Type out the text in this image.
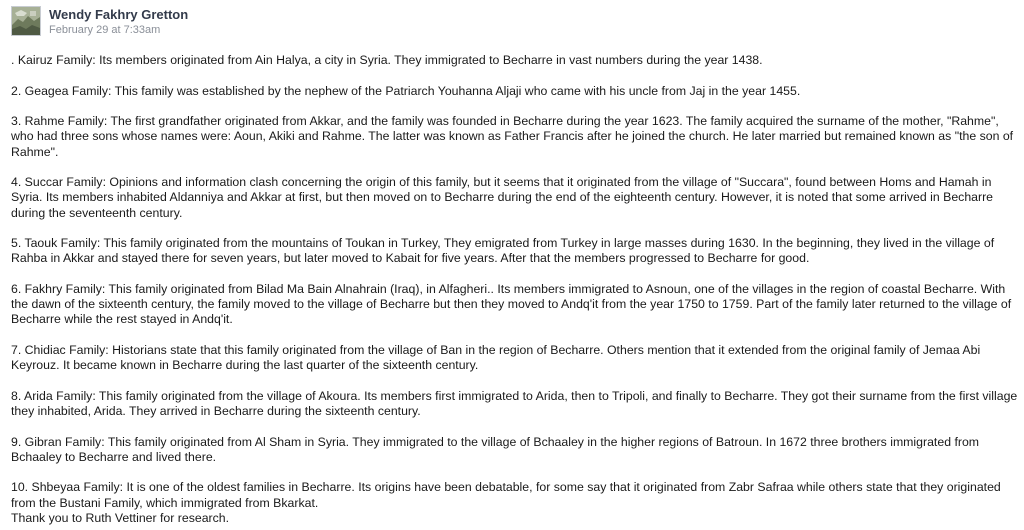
Wendy Fakhry Gretton
February 29 at 7:33am

. Kairuz Family: Its members originated from Ain Halya, a city in Syria. They immigrated to Becharre in vast numbers during the year 1438.

2. Geagea Family: This family was established by the nephew of the Patriarch Youhanna Aljaji who came with his uncle from Jaj in the year 1455.

3. Rahme Family: The first grandfather originated from Akkar, and the family was founded in Becharre during the year 1623. The family acquired the surname of the mother, "Rahme", who had three sons whose names were: Aoun, Akiki and Rahme. The latter was known as Father Francis after he joined the church. He later married but remained known as "the son of Rahme".

4. Succar Family: Opinions and information clash concerning the origin of this family, but it seems that it originated from the village of "Succara", found between Homs and Hamah in Syria. Its members inhabited Aldanniya and Akkar at first, but then moved on to Becharre during the end of the eighteenth century. However, it is noted that some arrived in Becharre during the seventeenth century.

5. Taouk Family: This family originated from the mountains of Toukan in Turkey, They emigrated from Turkey in large masses during 1630. In the beginning, they lived in the village of Rahba in Akkar and stayed there for seven years, but later moved to Kabait for five years. After that the members progressed to Becharre for good.

6. Fakhry Family: This family originated from Bilad Ma Bain Alnahrain (Iraq), in Alfagheri.. Its members immigrated to Asnoun, one of the villages in the region of coastal Becharre. With the dawn of the sixteenth century, the family moved to the village of Becharre but then they moved to Andq'it from the year 1750 to 1759. Part of the family later returned to the village of Becharre while the rest stayed in Andq'it.

7. Chidiac Family: Historians state that this family originated from the village of Ban in the region of Becharre. Others mention that it extended from the original family of Jemaa Abi Keyrouz. It became known in Becharre during the last quarter of the sixteenth century.

8. Arida Family: This family originated from the village of Akoura. Its members first immigrated to Arida, then to Tripoli, and finally to Becharre. They got their surname from the first village they inhabited, Arida. They arrived in Becharre during the sixteenth century.

9. Gibran Family: This family originated from Al Sham in Syria. They immigrated to the village of Bchaaley in the higher regions of Batroun. In 1672 three brothers immigrated from Bchaaley to Becharre and lived there.

10. Shbeyaa Family: It is one of the oldest families in Becharre. Its origins have been debatable, for some say that it originated from Zabr Safraa while others state that they originated from the Bustani Family, which immigrated from Bkarkat.

Thank you to Ruth Vettiner for research.
